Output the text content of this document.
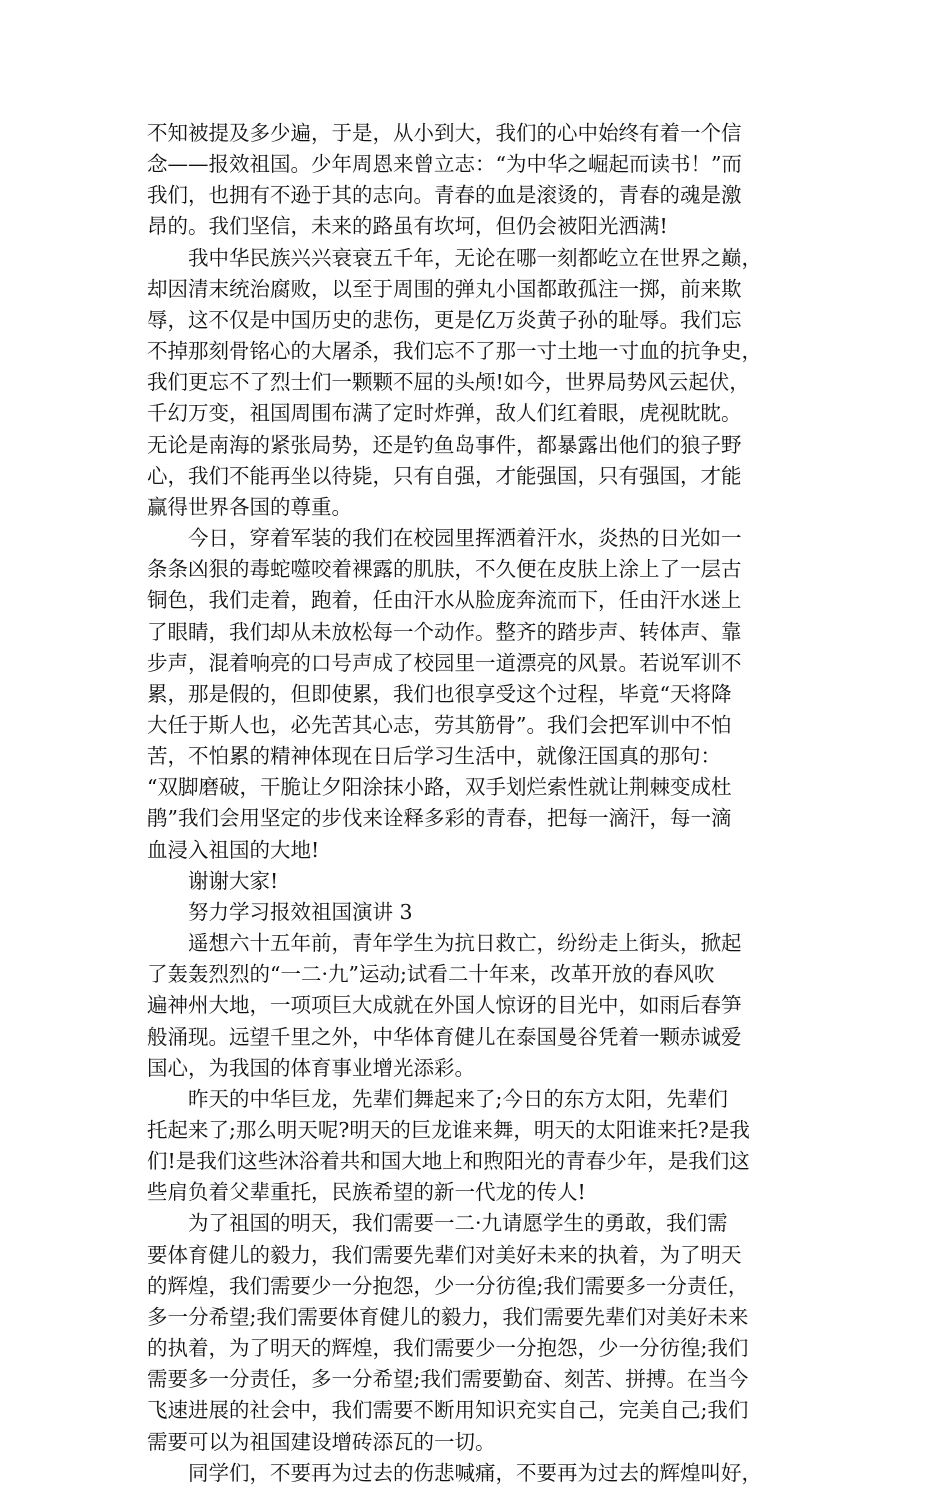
不知被提及多少遍，于是，从小到大，我们的心中始终有着一个信
念——报效祖国。少年周恩来曾立志：“为中华之崛起而读书！”而
我们，也拥有不逊于其的志向。青春的血是滚烫的，青春的魂是激
昂的。我们坚信，未来的路虽有坎坷，但仍会被阳光洒满!

我中华民族兴兴衰衰五千年，无论在哪一刻都屹立在世界之巅，
却因清末统治腐败，以至于周围的弹丸小国都敢孤注一掷，前来欺
辱，这不仅是中国历史的悲伤，更是亿万炎黄子孙的耻辱。我们忘
不掉那刻骨铭心的大屠杀，我们忘不了那一寸土地一寸血的抗争史，
我们更忘不了烈士们一颗颗不屈的头颅!如今，世界局势风云起伏，
千幻万变，祖国周围布满了定时炸弹，敌人们红着眼，虎视眈眈。
无论是南海的紧张局势，还是钓鱼岛事件，都暴露出他们的狼子野
心，我们不能再坐以待毙，只有自强，才能强国，只有强国，才能
赢得世界各国的尊重。

今日，穿着军装的我们在校园里挥洒着汗水，炎热的日光如一
条条凶狠的毒蛇噬咬着裸露的肌肤，不久便在皮肤上涂上了一层古
铜色，我们走着，跑着，任由汗水从脸庞奔流而下，任由汗水迷上
了眼睛，我们却从未放松每一个动作。整齐的踏步声、转体声、靠
步声，混着响亮的口号声成了校园里一道漂亮的风景。若说军训不
累，那是假的，但即使累，我们也很享受这个过程，毕竟“天将降
大任于斯人也，必先苦其心志，劳其筋骨”。我们会把军训中不怕
苦，不怕累的精神体现在日后学习生活中，就像汪国真的那句：
“双脚磨破，干脆让夕阳涂抹小路，双手划烂索性就让荆棘变成杜
鹃”我们会用坚定的步伐来诠释多彩的青春，把每一滴汗，每一滴
血浸入祖国的大地!

谢谢大家!

努力学习报效祖国演讲 3

遥想六十五年前，青年学生为抗日救亡，纷纷走上街头，掀起
了轰轰烈烈的“一二·九”运动;试看二十年来，改革开放的春风吹
遍神州大地，一项项巨大成就在外国人惊讶的目光中，如雨后春笋
般涌现。远望千里之外，中华体育健儿在泰国曼谷凭着一颗赤诚爱
国心，为我国的体育事业增光添彩。

昨天的中华巨龙，先辈们舞起来了;今日的东方太阳，先辈们
托起来了;那么明天呢?明天的巨龙谁来舞，明天的太阳谁来托?是我
们!是我们这些沐浴着共和国大地上和煦阳光的青春少年，是我们这
些肩负着父辈重托，民族希望的新一代龙的传人!

为了祖国的明天，我们需要一二·九请愿学生的勇敢，我们需
要体育健儿的毅力，我们需要先辈们对美好未来的执着，为了明天
的辉煌，我们需要少一分抱怨，少一分彷徨;我们需要多一分责任，
多一分希望;我们需要体育健儿的毅力，我们需要先辈们对美好未来
的执着，为了明天的辉煌，我们需要少一分抱怨，少一分彷徨;我们
需要多一分责任，多一分希望;我们需要勤奋、刻苦、拼搏。在当今
飞速进展的社会中，我们需要不断用知识充实自己，完美自己;我们
需要可以为祖国建设增砖添瓦的一切。

同学们，不要再为过去的伤悲喊痛，不要再为过去的辉煌叫好，
